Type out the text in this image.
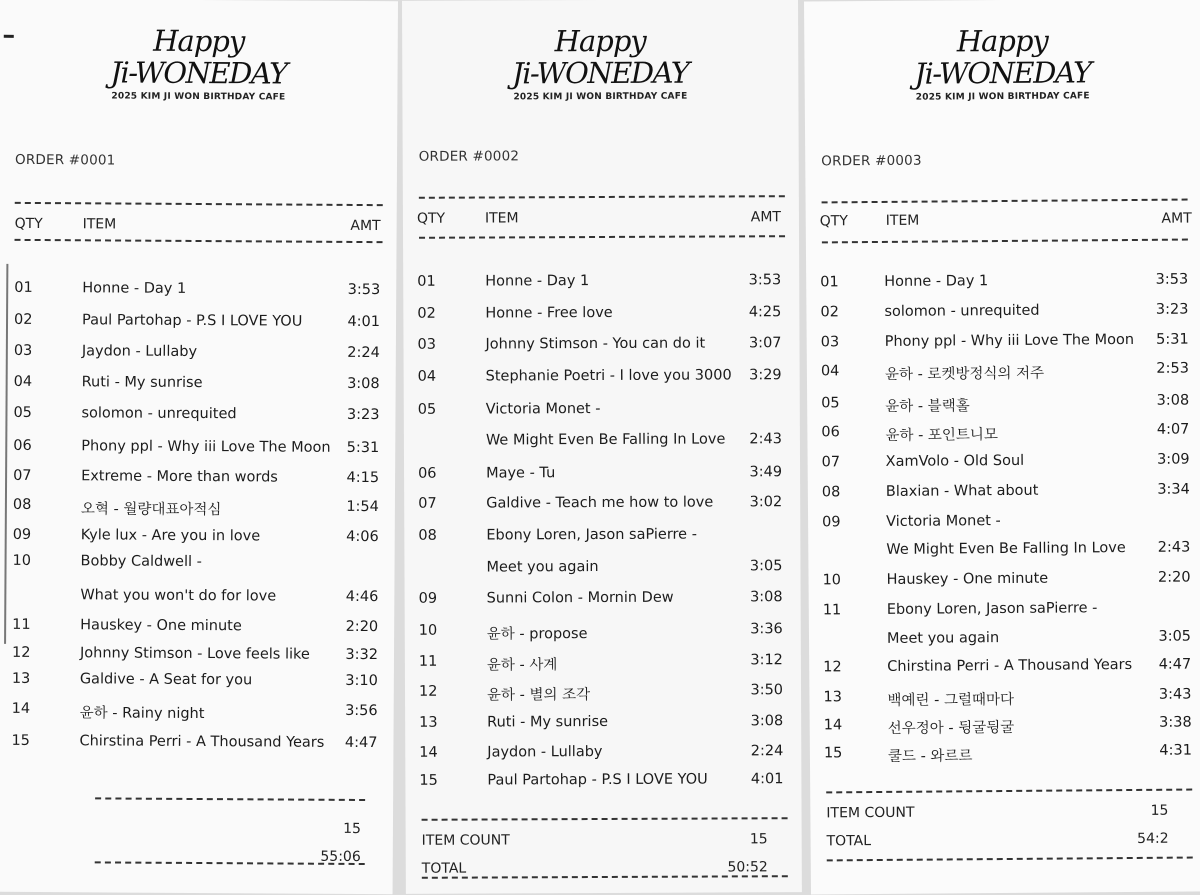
Happy
Ji-WONEDAY
2025 KIM JI WON BIRTHDAY CAFE
ORDER #0001
QTY	ITEM	AMT
01	Honne - Day 1	3:53
02	Paul Partohap - P.S I LOVE YOU	4:01
03	Jaydon - Lullaby	2:24
04	Ruti - My sunrise	3:08
05	solomon - unrequited	3:23
06	Phony ppl - Why iii Love The Moon 5:31
07	Extreme - More than words	4:15
08	오혁 - 월량대표아적심	1:54
09	Kyle lux - Are you in love	4:06
10	Bobby Caldwell -
What you won't do for love	4:46
11	Hauskey - One minute	2:20
12	Johnny Stimson - Love feels like 3:32
13	Galdive - A Seat for you	3:10
14	윤하 - Rainy night	3:56
15	Chirstina Perri - A Thousand Years 4:47
15
55:06
Happy
Ji-WONEDAY
2025 KIM JI WON BIRTHDAY CAFE
ORDER #0002
QTY	ITEM	AMT
01	Honne - Day 1	3:53
02	Honne - Free love	4:25
03	Johnny Stimson - You can do it	3:07
04	Stephanie Poetri - I love you 3000 3:29
05	Victoria Monet -
We Might Even Be Falling In Love 2:43
06	Maye - Tu	3:49
07	Galdive - Teach me how to love	3:02
08	Ebony Loren, Jason saPierre -
Meet you again	3:05
09	Sunni Colon - Mornin Dew	3:08
10	윤하 - propose	3:36
11	윤하 - 사계	3:12
12	윤하 - 별의 조각	3:50
13	Ruti - My sunrise	3:08
14	Jaydon - Lullaby	2:24
15	Paul Partohap - P.S I LOVE YOU	4:01
ITEM COUNT	15
TOTAL	50:52
Happy
Ji-WONEDAY
2025 KIM JI WON BIRTHDAY CAFE
ORDER #0003
QTY	ITEM	AMT
01	Honne - Day 1	3:53
02	solomon - unrequited	3:23
03	Phony ppl - Why iii Love The Moon 5:31
04	윤하 - 로켓방정식의 저주	2:53
05	윤하 - 블랙홀	3:08
06	윤하 - 포인트니모	4:07
07	XamVolo - Old Soul	3:09
08	Blaxian - What about	3:34
09	Victoria Monet -
We Might Even Be Falling In Love 2:43
10	Hauskey - One minute	2:20
11	Ebony Loren, Jason saPierre -
Meet you again	3:05
12	Chirstina Perri - A Thousand Years 4:47
13	백예린 - 그럴때마다	3:43
14	선우정아 - 뒹굴뒹굴	3:38
15	쿨드 - 와르르	4:31
ITEM COUNT	15
TOTAL	54:2
